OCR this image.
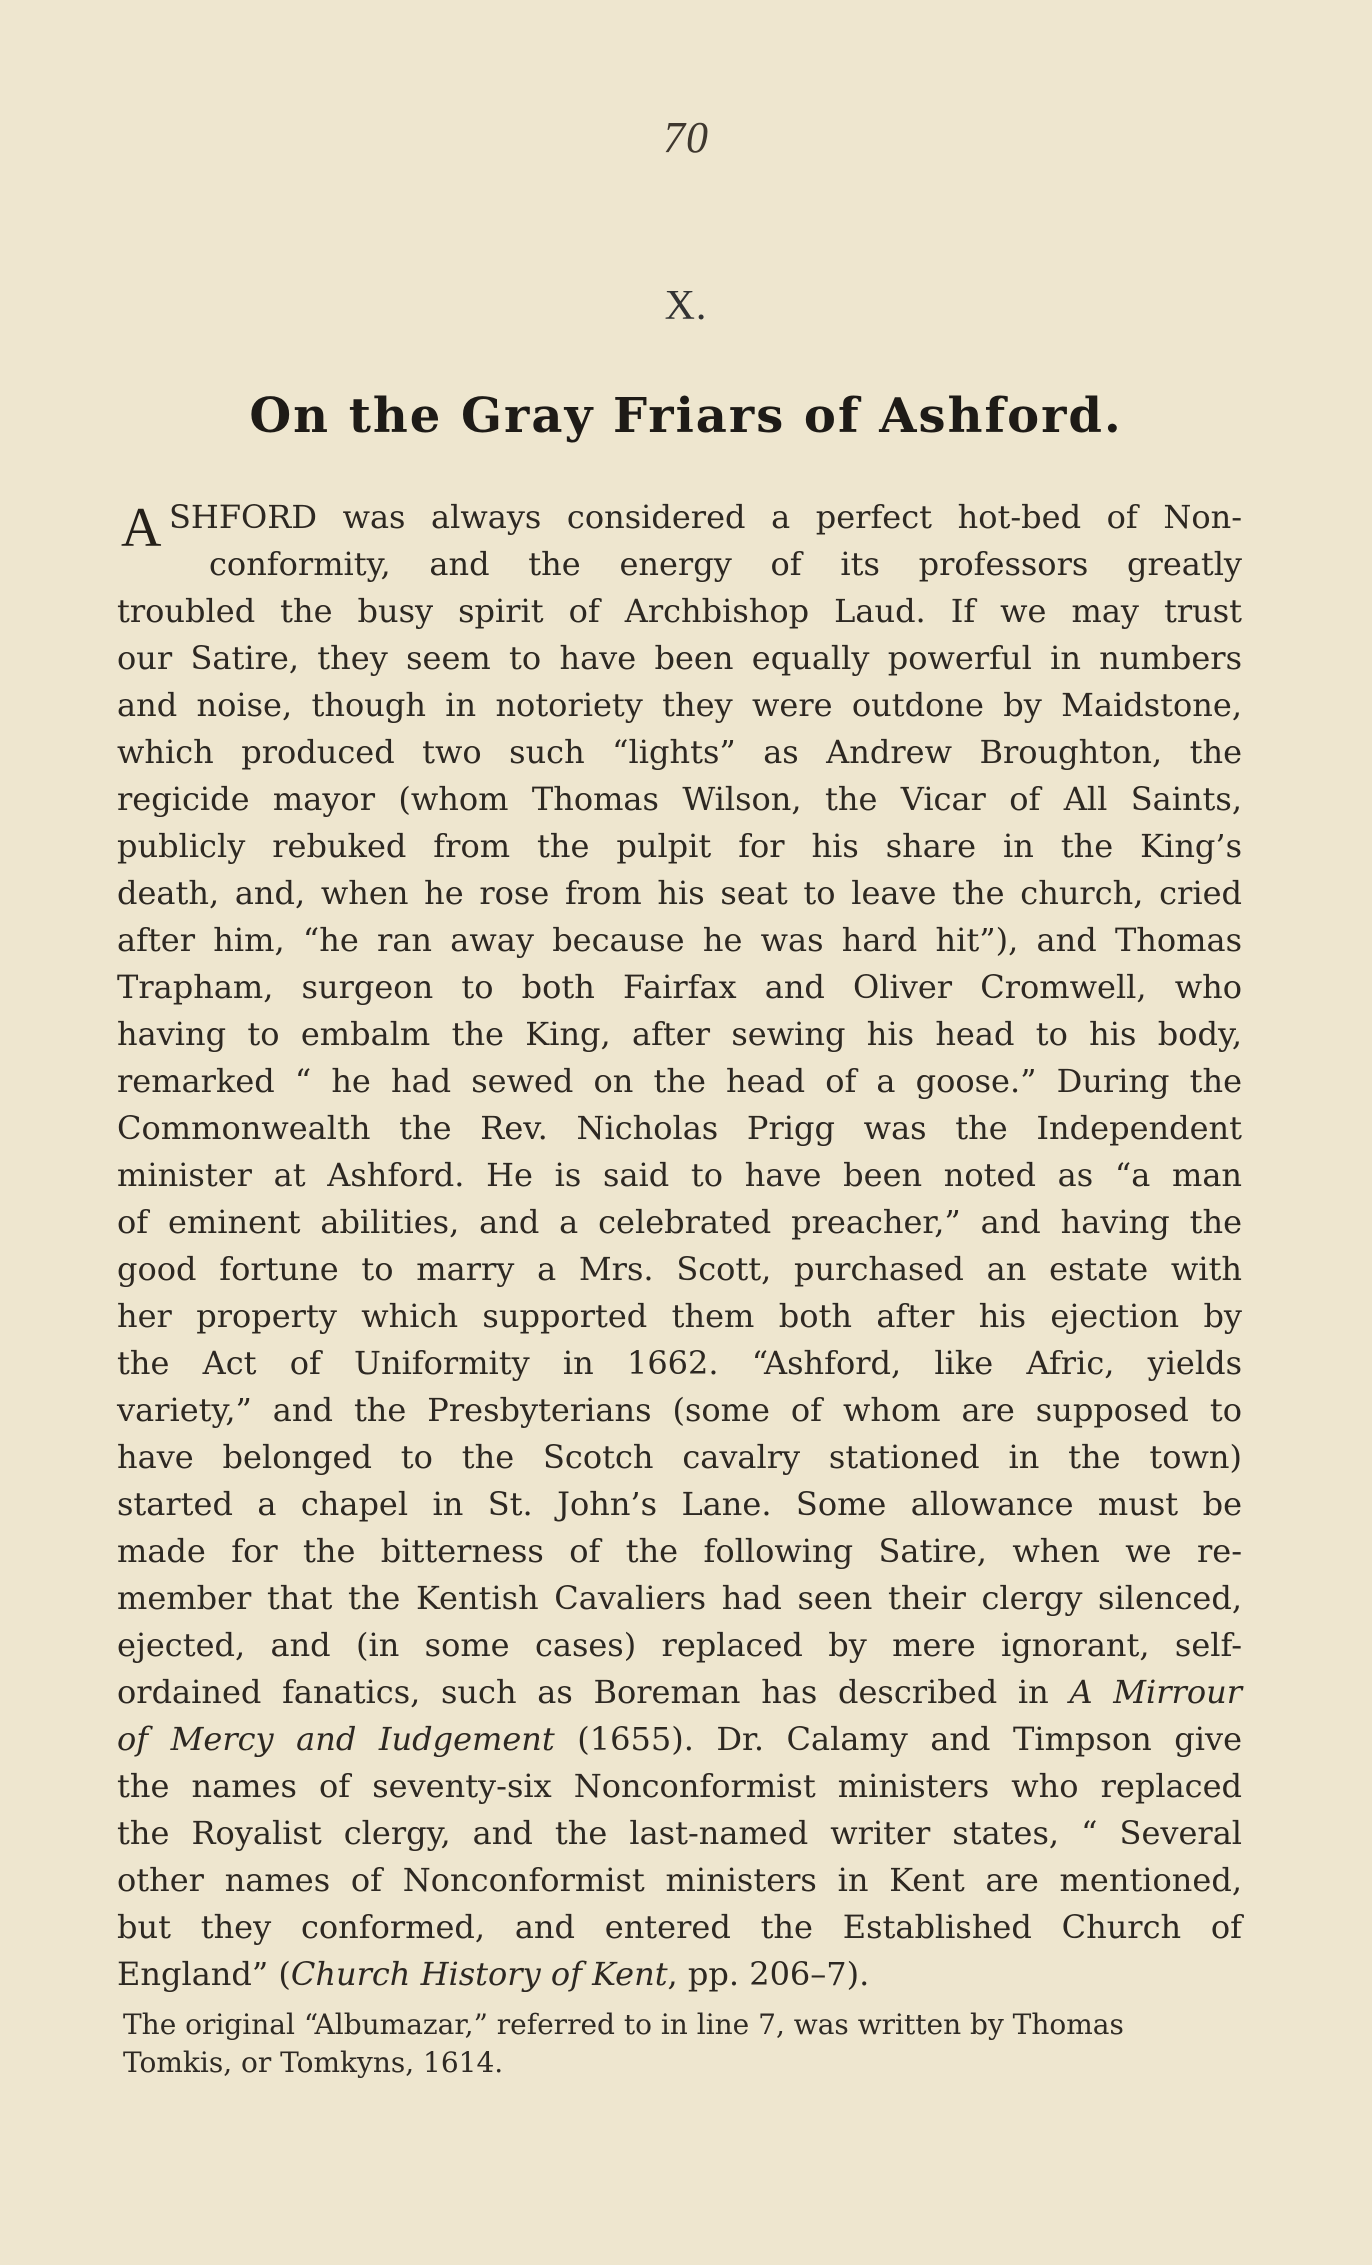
70
X.
On the Gray Friars of Ashford.
A SHFORD was always considered a perfect hot-bed of Non-
conformity, and the energy of its professors greatly
troubled the busy spirit of Archbishop Laud. If we may trust
our Satire, they seem to have been equally powerful in numbers
and noise, though in notoriety they were outdone by Maidstone,
which produced two such “lights” as Andrew Broughton, the
regicide mayor (whom Thomas Wilson, the Vicar of All Saints,
publicly rebuked from the pulpit for his share in the King’s
death, and, when he rose from his seat to leave the church, cried
after him, “he ran away because he was hard hit”), and Thomas
Trapham, surgeon to both Fairfax and Oliver Cromwell, who
having to embalm the King, after sewing his head to his body,
remarked “ he had sewed on the head of a goose.” During the
Commonwealth the Rev. Nicholas Prigg was the Independent
minister at Ashford. He is said to have been noted as “a man
of eminent abilities, and a celebrated preacher,” and having the
good fortune to marry a Mrs. Scott, purchased an estate with
her property which supported them both after his ejection by
the Act of Uniformity in 1662. “Ashford, like Afric, yields
variety,” and the Presbyterians (some of whom are supposed to
have belonged to the Scotch cavalry stationed in the town)
started a chapel in St. John’s Lane. Some allowance must be
made for the bitterness of the following Satire, when we re-
member that the Kentish Cavaliers had seen their clergy silenced,
ejected, and (in some cases) replaced by mere ignorant, self-
ordained fanatics, such as Boreman has described in A Mirrour
of Mercy and Iudgement (1655). Dr. Calamy and Timpson give
the names of seventy-six Nonconformist ministers who replaced
the Royalist clergy, and the last-named writer states, “ Several
other names of Nonconformist ministers in Kent are mentioned,
but they conformed, and entered the Established Church of
England” (Church History of Kent, pp. 206–7).
The original “Albumazar,” referred to in line 7, was written by Thomas
Tomkis, or Tomkyns, 1614.
